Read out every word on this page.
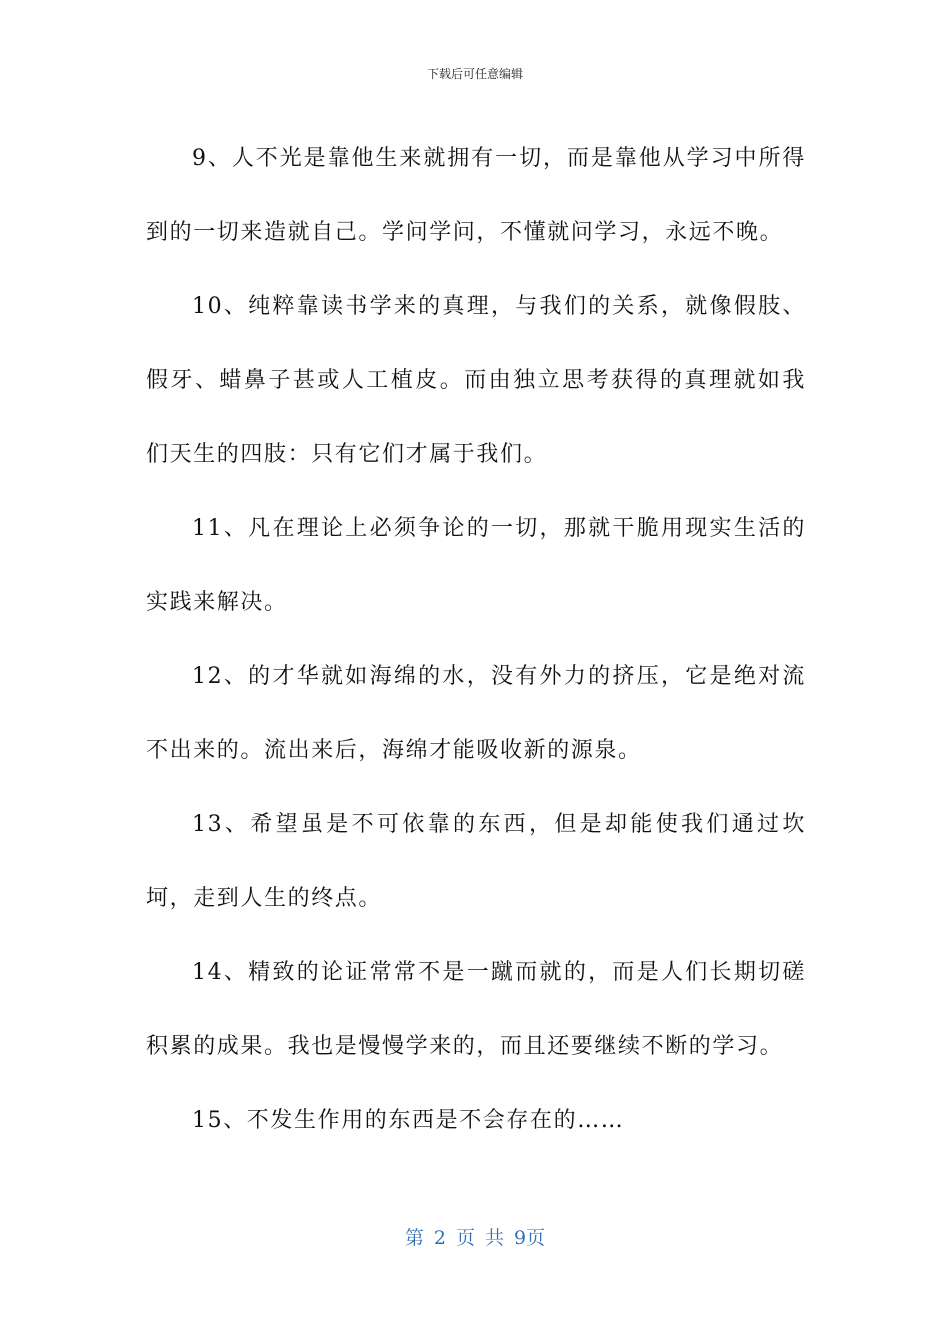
下载后可任意编辑

9、人不光是靠他生来就拥有一切，而是靠他从学习中所得到的一切来造就自己。学问学问，不懂就问学习，永远不晚。

10、纯粹靠读书学来的真理，与我们的关系，就像假肢、假牙、蜡鼻子甚或人工植皮。而由独立思考获得的真理就如我们天生的四肢：只有它们才属于我们。

11、凡在理论上必须争论的一切，那就干脆用现实生活的实践来解决。

12、的才华就如海绵的水，没有外力的挤压，它是绝对流不出来的。流出来后，海绵才能吸收新的源泉。

13、希望虽是不可依靠的东西，但是却能使我们通过坎坷，走到人生的终点。

14、精致的论证常常不是一蹴而就的，而是人们长期切磋积累的成果。我也是慢慢学来的，而且还要继续不断的学习。

15、不发生作用的东西是不会存在的……

第 2 页 共 9页
